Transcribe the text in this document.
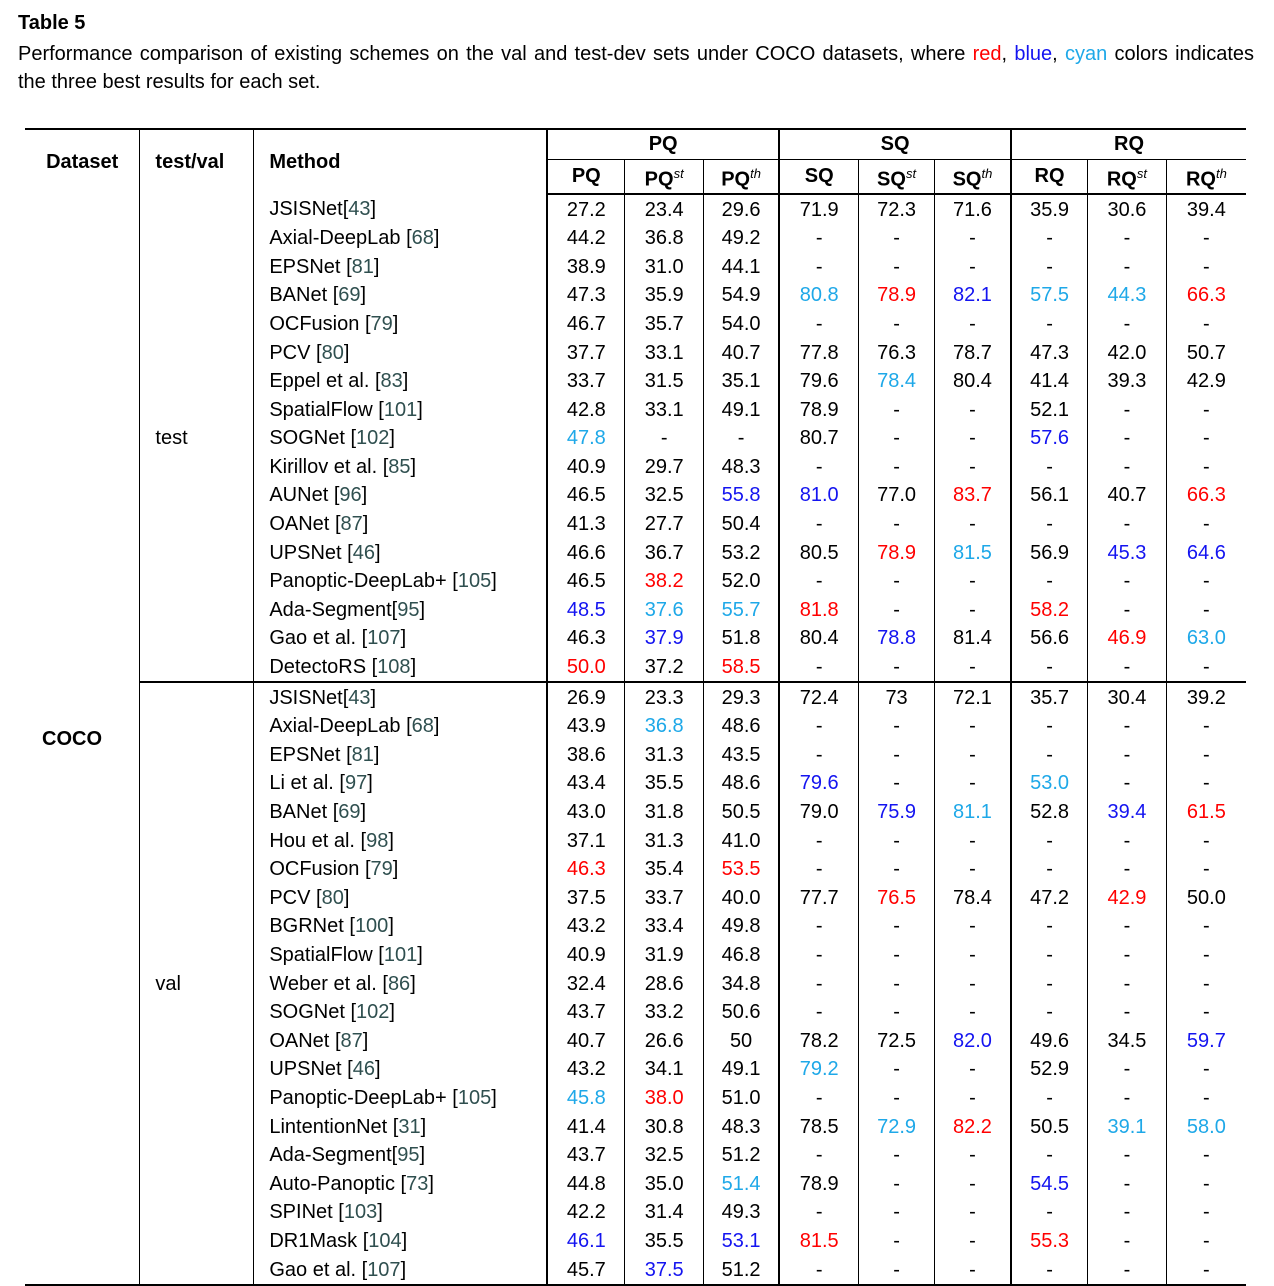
Table 5
Performance comparison of existing schemes on the val and test-dev sets under COCO datasets, where red, blue, cyan colors indicates the three best results for each set.
Dataset	test/val	Method	PQ			SQ			RQ		
			PQ	$PQ^{st}$	$PQ^{th}$	SQ	$SQ^{st}$	$SQ^{th}$	RQ	$RQ^{st}$	$RQ^{th}$
COCO	test	JSISNet[43]	27.2	23.4	29.6	71.9	72.3	71.6	35.9	30.6	39.4
		Axial-DeepLab [68]	44.2	36.8	49.2	-	-	-	-	-	-
		EPSNet [81]	38.9	31.0	44.1	-	-	-	-	-	-
		BANet [69]	47.3	35.9	54.9	80.8	78.9	82.1	57.5	44.3	66.3
		OCFusion [79]	46.7	35.7	54.0	-	-	-	-	-	-
		PCV [80]	37.7	33.1	40.7	77.8	76.3	78.7	47.3	42.0	50.7
		Eppel et al. [83]	33.7	31.5	35.1	79.6	78.4	80.4	41.4	39.3	42.9
		SpatialFlow [101]	42.8	33.1	49.1	78.9	-	-	52.1	-	-
		SOGNet [102]	47.8	-	-	80.7	-	-	57.6	-	-
		Kirillov et al. [85]	40.9	29.7	48.3	-	-	-	-	-	-
		AUNet [96]	46.5	32.5	55.8	81.0	77.0	83.7	56.1	40.7	66.3
		OANet [87]	41.3	27.7	50.4	-	-	-	-	-	-
		UPSNet [46]	46.6	36.7	53.2	80.5	78.9	81.5	56.9	45.3	64.6
		Panoptic-DeepLab+ [105]	46.5	38.2	52.0	-	-	-	-	-	-
		Ada-Segment[95]	48.5	37.6	55.7	81.8	-	-	58.2	-	-
		Gao et al. [107]	46.3	37.9	51.8	80.4	78.8	81.4	56.6	46.9	63.0
		DetectoRS [108]	50.0	37.2	58.5	-	-	-	-	-	-
	val	JSISNet[43]	26.9	23.3	29.3	72.4	73	72.1	35.7	30.4	39.2
		Axial-DeepLab [68]	43.9	36.8	48.6	-	-	-	-	-	-
		EPSNet [81]	38.6	31.3	43.5	-	-	-	-	-	-
		Li et al. [97]	43.4	35.5	48.6	79.6	-	-	53.0	-	-
		BANet [69]	43.0	31.8	50.5	79.0	75.9	81.1	52.8	39.4	61.5
		Hou et al. [98]	37.1	31.3	41.0	-	-	-	-	-	-
		OCFusion [79]	46.3	35.4	53.5	-	-	-	-	-	-
		PCV [80]	37.5	33.7	40.0	77.7	76.5	78.4	47.2	42.9	50.0
		BGRNet [100]	43.2	33.4	49.8	-	-	-	-	-	-
		SpatialFlow [101]	40.9	31.9	46.8	-	-	-	-	-	-
		Weber et al. [86]	32.4	28.6	34.8	-	-	-	-	-	-
		SOGNet [102]	43.7	33.2	50.6	-	-	-	-	-	-
		OANet [87]	40.7	26.6	50	78.2	72.5	82.0	49.6	34.5	59.7
		UPSNet [46]	43.2	34.1	49.1	79.2	-	-	52.9	-	-
		Panoptic-DeepLab+ [105]	45.8	38.0	51.0	-	-	-	-	-	-
		LintentionNet [31]	41.4	30.8	48.3	78.5	72.9	82.2	50.5	39.1	58.0
		Ada-Segment[95]	43.7	32.5	51.2	-	-	-	-	-	-
		Auto-Panoptic [73]	44.8	35.0	51.4	78.9	-	-	54.5	-	-
		SPINet [103]	42.2	31.4	49.3	-	-	-	-	-	-
		DR1Mask [104]	46.1	35.5	53.1	81.5	-	-	55.3	-	-
		Gao et al. [107]	45.7	37.5	51.2	-	-	-	-	-	-
